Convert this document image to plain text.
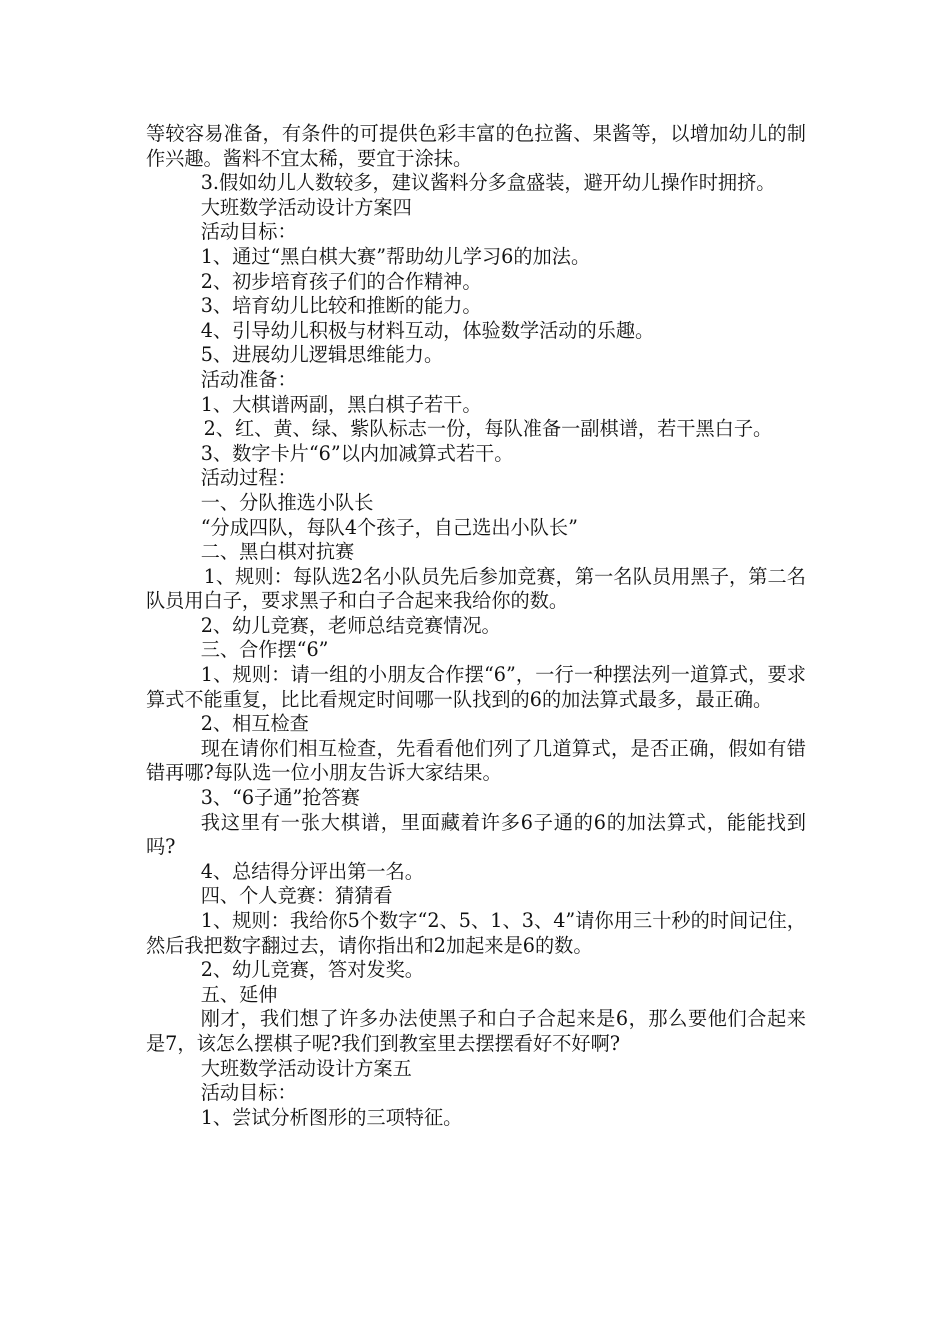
等较容易准备，有条件的可提供色彩丰富的色拉酱、果酱等，以增加幼儿的制作兴趣。酱料不宜太稀，要宜于涂抹。

3.假如幼儿人数较多，建议酱料分多盒盛装，避开幼儿操作时拥挤。

大班数学活动设计方案四

活动目标：

1、通过“黑白棋大赛”帮助幼儿学习6的加法。

2、初步培育孩子们的合作精神。

3、培育幼儿比较和推断的能力。

4、引导幼儿积极与材料互动，体验数学活动的乐趣。

5、进展幼儿逻辑思维能力。

活动准备：

1、大棋谱两副，黑白棋子若干。

2、红、黄、绿、紫队标志一份，每队准备一副棋谱，若干黑白子。

3、数字卡片“6”以内加减算式若干。

活动过程：

一、分队推选小队长

“分成四队，每队4个孩子，自己选出小队长”

二、黑白棋对抗赛

1、规则：每队选2名小队员先后参加竞赛，第一名队员用黑子，第二名队员用白子，要求黑子和白子合起来我给你的数。

2、幼儿竞赛，老师总结竞赛情况。

三、合作摆“6”

1、规则：请一组的小朋友合作摆“6”，一行一种摆法列一道算式，要求算式不能重复，比比看规定时间哪一队找到的6的加法算式最多，最正确。

2、相互检查

现在请你们相互检查，先看看他们列了几道算式，是否正确，假如有错错再哪?每队选一位小朋友告诉大家结果。

3、“6子通”抢答赛

我这里有一张大棋谱，里面藏着许多6子通的6的加法算式，能能找到吗?

4、总结得分评出第一名。

四、个人竞赛：猜猜看

1、规则：我给你5个数字“2、5、1、3、4”请你用三十秒的时间记住，然后我把数字翻过去，请你指出和2加起来是6的数。

2、幼儿竞赛，答对发奖。

五、延伸

刚才，我们想了许多办法使黑子和白子合起来是6，那么要他们合起来是7，该怎么摆棋子呢?我们到教室里去摆摆看好不好啊?

大班数学活动设计方案五

活动目标：

1、尝试分析图形的三项特征。
